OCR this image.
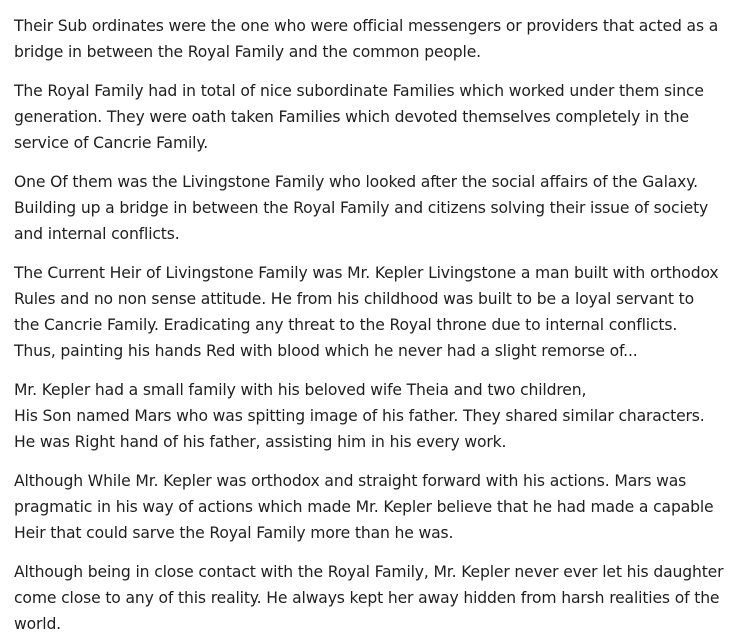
Their Sub ordinates were the one who were official messengers or providers that acted as a
bridge in between the Royal Family and the common people.

The Royal Family had in total of nice subordinate Families which worked under them since
generation. They were oath taken Families which devoted themselves completely in the
service of Cancrie Family.

One Of them was the Livingstone Family who looked after the social affairs of the Galaxy.
Building up a bridge in between the Royal Family and citizens solving their issue of society
and internal conflicts.

The Current Heir of Livingstone Family was Mr. Kepler Livingstone a man built with orthodox
Rules and no non sense attitude. He from his childhood was built to be a loyal servant to
the Cancrie Family. Eradicating any threat to the Royal throne due to internal conflicts.
Thus, painting his hands Red with blood which he never had a slight remorse of...

Mr. Kepler had a small family with his beloved wife Theia and two children,
His Son named Mars who was spitting image of his father. They shared similar characters.
He was Right hand of his father, assisting him in his every work.

Although While Mr. Kepler was orthodox and straight forward with his actions. Mars was
pragmatic in his way of actions which made Mr. Kepler believe that he had made a capable
Heir that could sarve the Royal Family more than he was.

Although being in close contact with the Royal Family, Mr. Kepler never ever let his daughter
come close to any of this reality. He always kept her away hidden from harsh realities of the
world.
